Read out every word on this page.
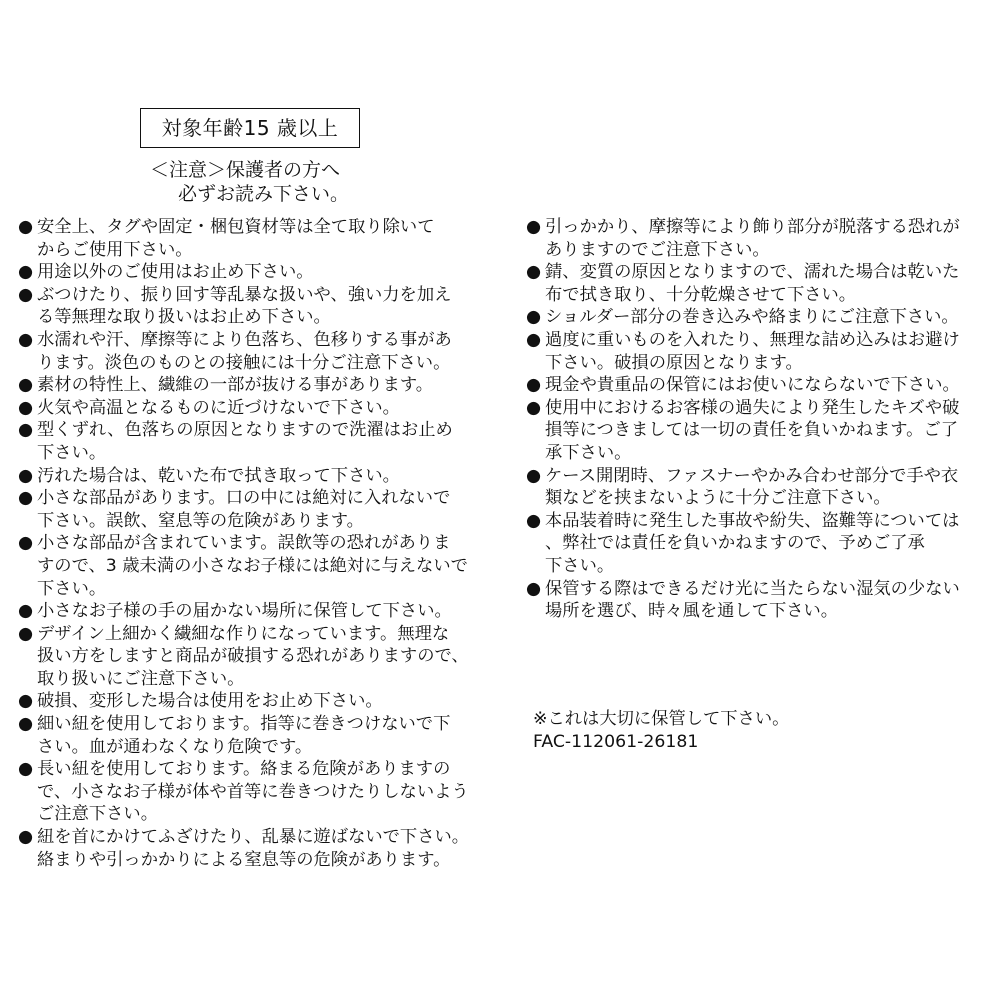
対象年齢15 歳以上
＜注意＞保護者の方へ
必ずお読み下さい。
● 安全上、タグや固定・梱包資材等は全て取り除いて
からご使用下さい。
● 用途以外のご使用はお止め下さい。
● ぶつけたり、振り回す等乱暴な扱いや、強い力を加え
る等無理な取り扱いはお止め下さい。
● 水濡れや汗、摩擦等により色落ち、色移りする事があ
ります。淡色のものとの接触には十分ご注意下さい。
● 素材の特性上、繊維の一部が抜ける事があります。
● 火気や高温となるものに近づけないで下さい。
● 型くずれ、色落ちの原因となりますので洗濯はお止め
下さい。
● 汚れた場合は、乾いた布で拭き取って下さい。
● 小さな部品があります。口の中には絶対に入れないで
下さい。誤飲、窒息等の危険があります。
● 小さな部品が含まれています。誤飲等の恐れがありま
すので、3 歳未満の小さなお子様には絶対に与えないで
下さい。
● 小さなお子様の手の届かない場所に保管して下さい。
● デザイン上細かく繊細な作りになっています。無理な
扱い方をしますと商品が破損する恐れがありますので、
取り扱いにご注意下さい。
● 破損、変形した場合は使用をお止め下さい。
● 細い紐を使用しております。指等に巻きつけないで下
さい。血が通わなくなり危険です。
● 長い紐を使用しております。絡まる危険がありますの
で、小さなお子様が体や首等に巻きつけたりしないよう
ご注意下さい。
● 紐を首にかけてふざけたり、乱暴に遊ばないで下さい。
絡まりや引っかかりによる窒息等の危険があります。
● 引っかかり、摩擦等により飾り部分が脱落する恐れが
ありますのでご注意下さい。
● 錆、変質の原因となりますので、濡れた場合は乾いた
布で拭き取り、十分乾燥させて下さい。
● ショルダー部分の巻き込みや絡まりにご注意下さい。
● 過度に重いものを入れたり、無理な詰め込みはお避け
下さい。破損の原因となります。
● 現金や貴重品の保管にはお使いにならないで下さい。
● 使用中におけるお客様の過失により発生したキズや破
損等につきましては一切の責任を負いかねます。ご了
承下さい。
● ケース開閉時、ファスナーやかみ合わせ部分で手や衣
類などを挟まないように十分ご注意下さい。
● 本品装着時に発生した事故や紛失、盗難等については
、弊社では責任を負いかねますので、予めご了承
下さい。
● 保管する際はできるだけ光に当たらない湿気の少ない
場所を選び、時々風を通して下さい。
※これは大切に保管して下さい。
FAC-112061-26181
